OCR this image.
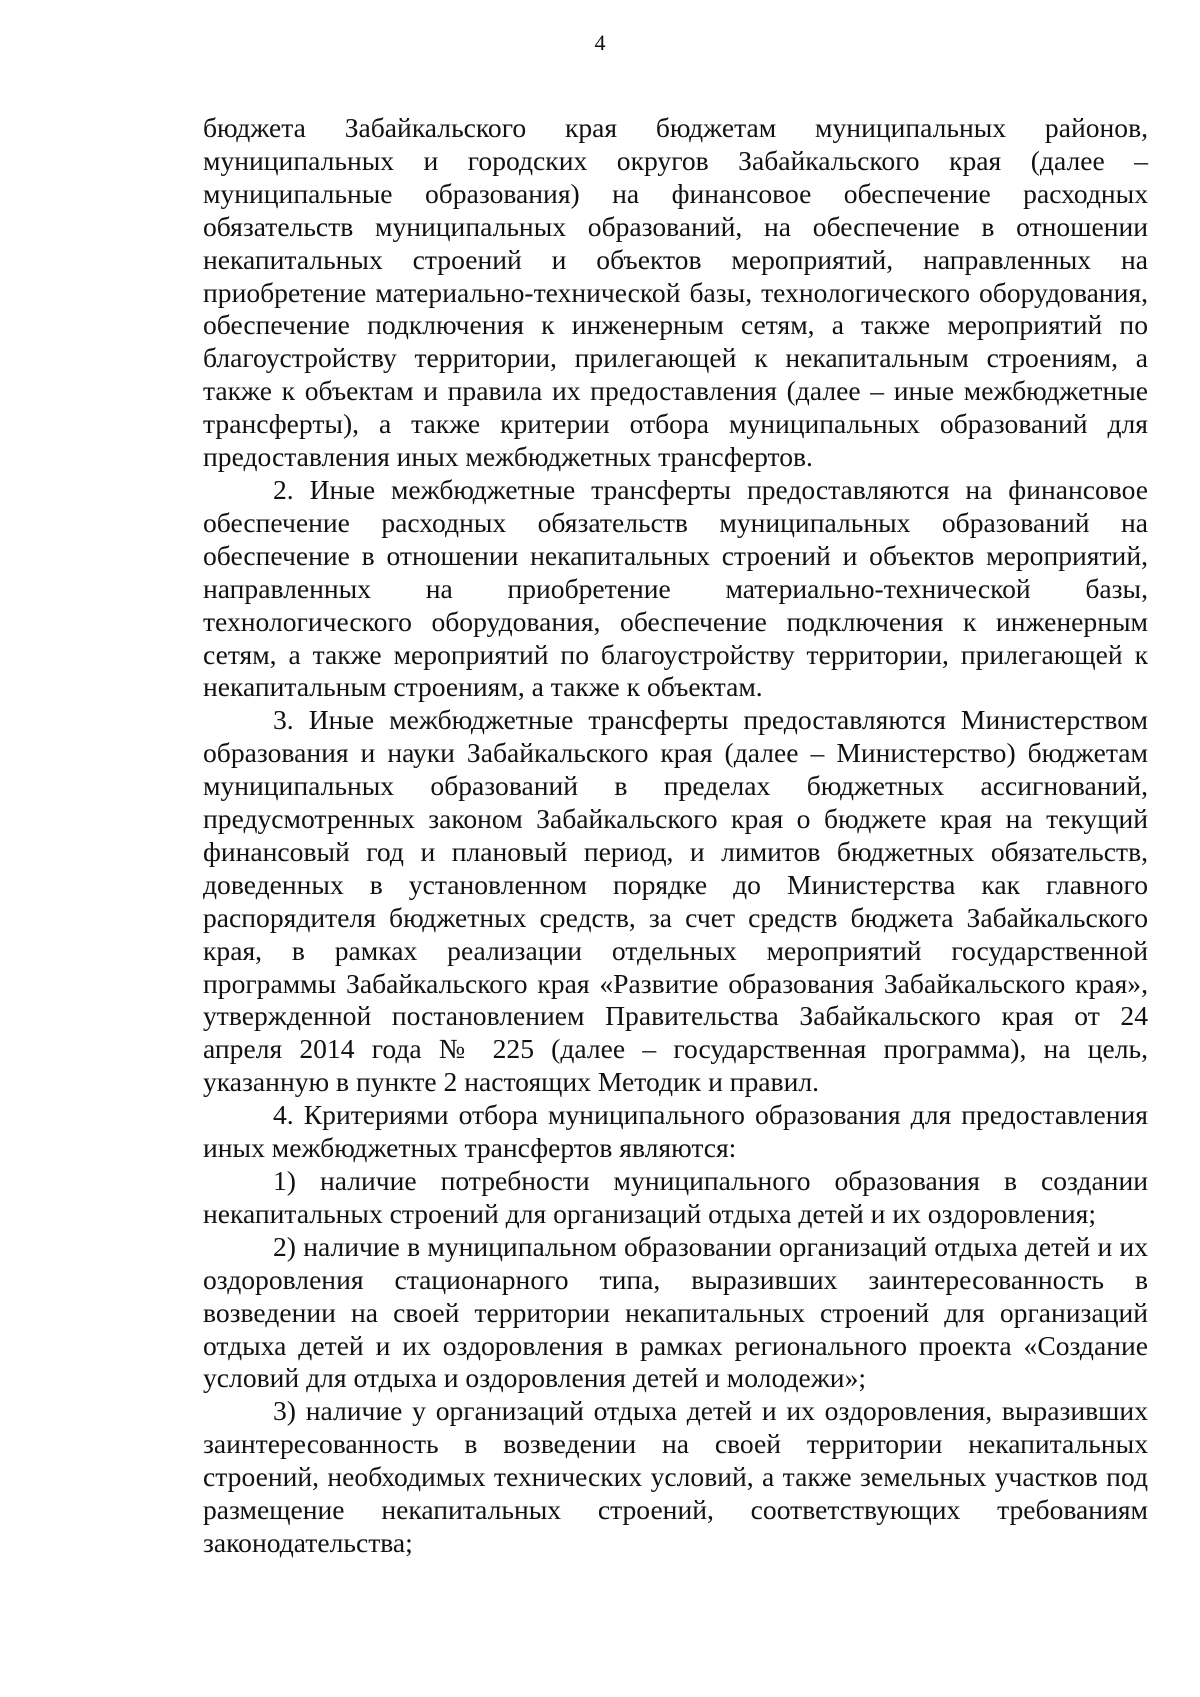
4

бюджета Забайкальского края бюджетам муниципальных районов, муниципальных и городских округов Забайкальского края (далее – муниципальные образования) на финансовое обеспечение расходных обязательств муниципальных образований, на обеспечение в отношении некапитальных строений и объектов мероприятий, направленных на приобретение материально-технической базы, технологического оборудования, обеспечение подключения к инженерным сетям, а также мероприятий по благоустройству территории, прилегающей к некапитальным строениям, а также к объектам и правила их предоставления (далее – иные межбюджетные трансферты), а также критерии отбора муниципальных образований для предоставления иных межбюджетных трансфертов.

2. Иные межбюджетные трансферты предоставляются на финансовое обеспечение расходных обязательств муниципальных образований на обеспечение в отношении некапитальных строений и объектов мероприятий, направленных на приобретение материально-технической базы, технологического оборудования, обеспечение подключения к инженерным сетям, а также мероприятий по благоустройству территории, прилегающей к некапитальным строениям, а также к объектам.

3. Иные межбюджетные трансферты предоставляются Министерством образования и науки Забайкальского края (далее – Министерство) бюджетам муниципальных образований в пределах бюджетных ассигнований, предусмотренных законом Забайкальского края о бюджете края на текущий финансовый год и плановый период, и лимитов бюджетных обязательств, доведенных в установленном порядке до Министерства как главного распорядителя бюджетных средств, за счет средств бюджета Забайкальского края, в рамках реализации отдельных мероприятий государственной программы Забайкальского края «Развитие образования Забайкальского края», утвержденной постановлением Правительства Забайкальского края от 24 апреля 2014 года № 225 (далее – государственная программа), на цель, указанную в пункте 2 настоящих Методик и правил.

4. Критериями отбора муниципального образования для предоставления иных межбюджетных трансфертов являются:

1) наличие потребности муниципального образования в создании некапитальных строений для организаций отдыха детей и их оздоровления;

2) наличие в муниципальном образовании организаций отдыха детей и их оздоровления стационарного типа, выразивших заинтересованность в возведении на своей территории некапитальных строений для организаций отдыха детей и их оздоровления в рамках регионального проекта «Создание условий для отдыха и оздоровления детей и молодежи»;

3) наличие у организаций отдыха детей и их оздоровления, выразивших заинтересованность в возведении на своей территории некапитальных строений, необходимых технических условий, а также земельных участков под размещение некапитальных строений, соответствующих требованиям законодательства;
